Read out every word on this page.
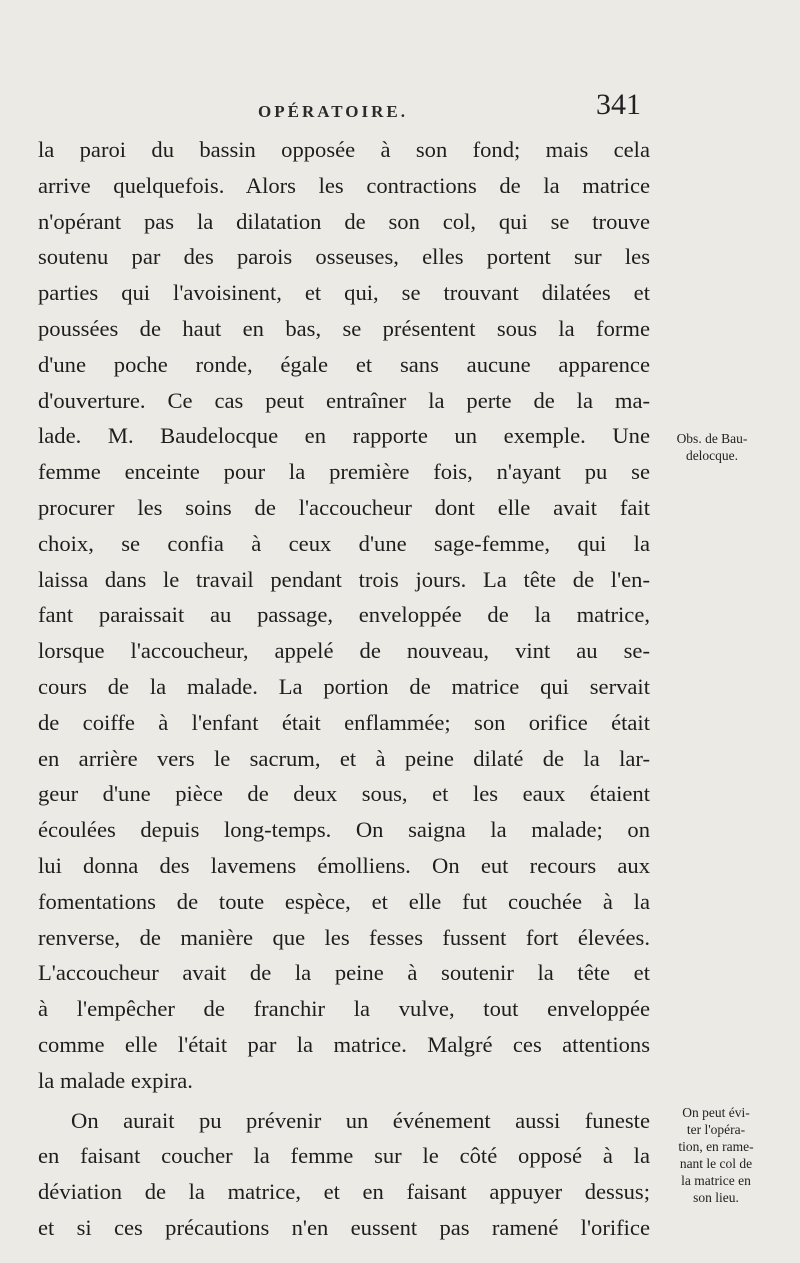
OPÉRATOIRE.	341
la paroi du bassin opposée à son fond; mais cela
arrive quelquefois. Alors les contractions de la matrice
n'opérant pas la dilatation de son col, qui se trouve
soutenu par des parois osseuses, elles portent sur les
parties qui l'avoisinent, et qui, se trouvant dilatées et
poussées de haut en bas, se présentent sous la forme
d'une poche ronde, égale et sans aucune apparence
d'ouverture. Ce cas peut entraîner la perte de la ma-
lade. M. Baudelocque en rapporte un exemple. Une
femme enceinte pour la première fois, n'ayant pu se
procurer les soins de l'accoucheur dont elle avait fait
choix, se confia à ceux d'une sage-femme, qui la
laissa dans le travail pendant trois jours. La tête de l'en-
fant paraissait au passage, enveloppée de la matrice,
lorsque l'accoucheur, appelé de nouveau, vint au se-
cours de la malade. La portion de matrice qui servait
de coiffe à l'enfant était enflammée; son orifice était
en arrière vers le sacrum, et à peine dilaté de la lar-
geur d'une pièce de deux sous, et les eaux étaient
écoulées depuis long-temps. On saigna la malade; on
lui donna des lavemens émolliens. On eut recours aux
fomentations de toute espèce, et elle fut couchée à la
renverse, de manière que les fesses fussent fort élevées.
L'accoucheur avait de la peine à soutenir la tête et
à l'empêcher de franchir la vulve, tout enveloppée
comme elle l'était par la matrice. Malgré ces attentions
la malade expira.
On aurait pu prévenir un événement aussi funeste
en faisant coucher la femme sur le côté opposé à la
déviation de la matrice, et en faisant appuyer dessus;
et si ces précautions n'en eussent pas ramené l'orifice
Obs. de Bau-
delocque.
On peut évi-
ter l'opéra-
tion, en rame-
nant le col de
la matrice en
son lieu.
